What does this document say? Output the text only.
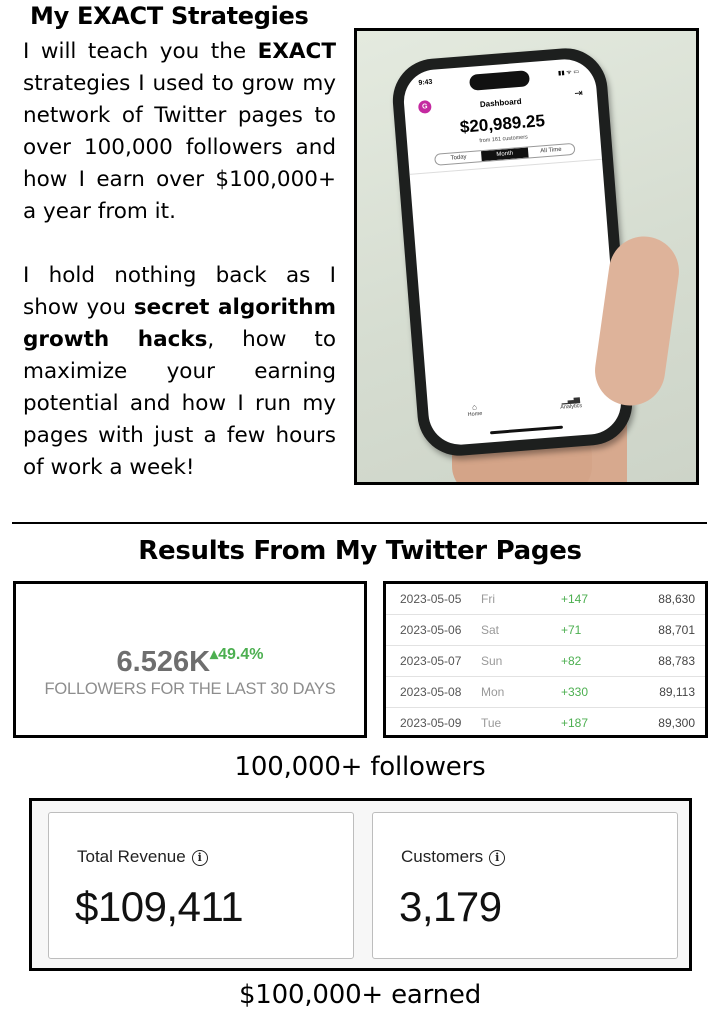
My EXACT Strategies

I will teach you the EXACT strategies I used to grow my network of Twitter pages to over 100,000 followers and how I earn over $100,000+ a year from it.

I hold nothing back as I show you secret algorithm growth hacks, how to maximize your earning potential and how I run my pages with just a few hours of work a week!

9:43
▮▮ ᯤ ▭
G
⇥
Dashboard
$20,989.25
from 161 customers
Today	Month	All Time
⌂
Home
▁▃▅
Analytics
Results From My Twitter Pages
6.526K▴49.4%
FOLLOWERS FOR THE LAST 30 DAYS
2023-05-05 Fri	+147	88,630
2023-05-06 Sat	+71	88,701
2023-05-07 Sun	+82	88,783
2023-05-08 Mon	+330	89,113
2023-05-09 Tue	+187	89,300
100,000+ followers
Total Revenue i
$109,411
Customers i
3,179
$100,000+ earned
